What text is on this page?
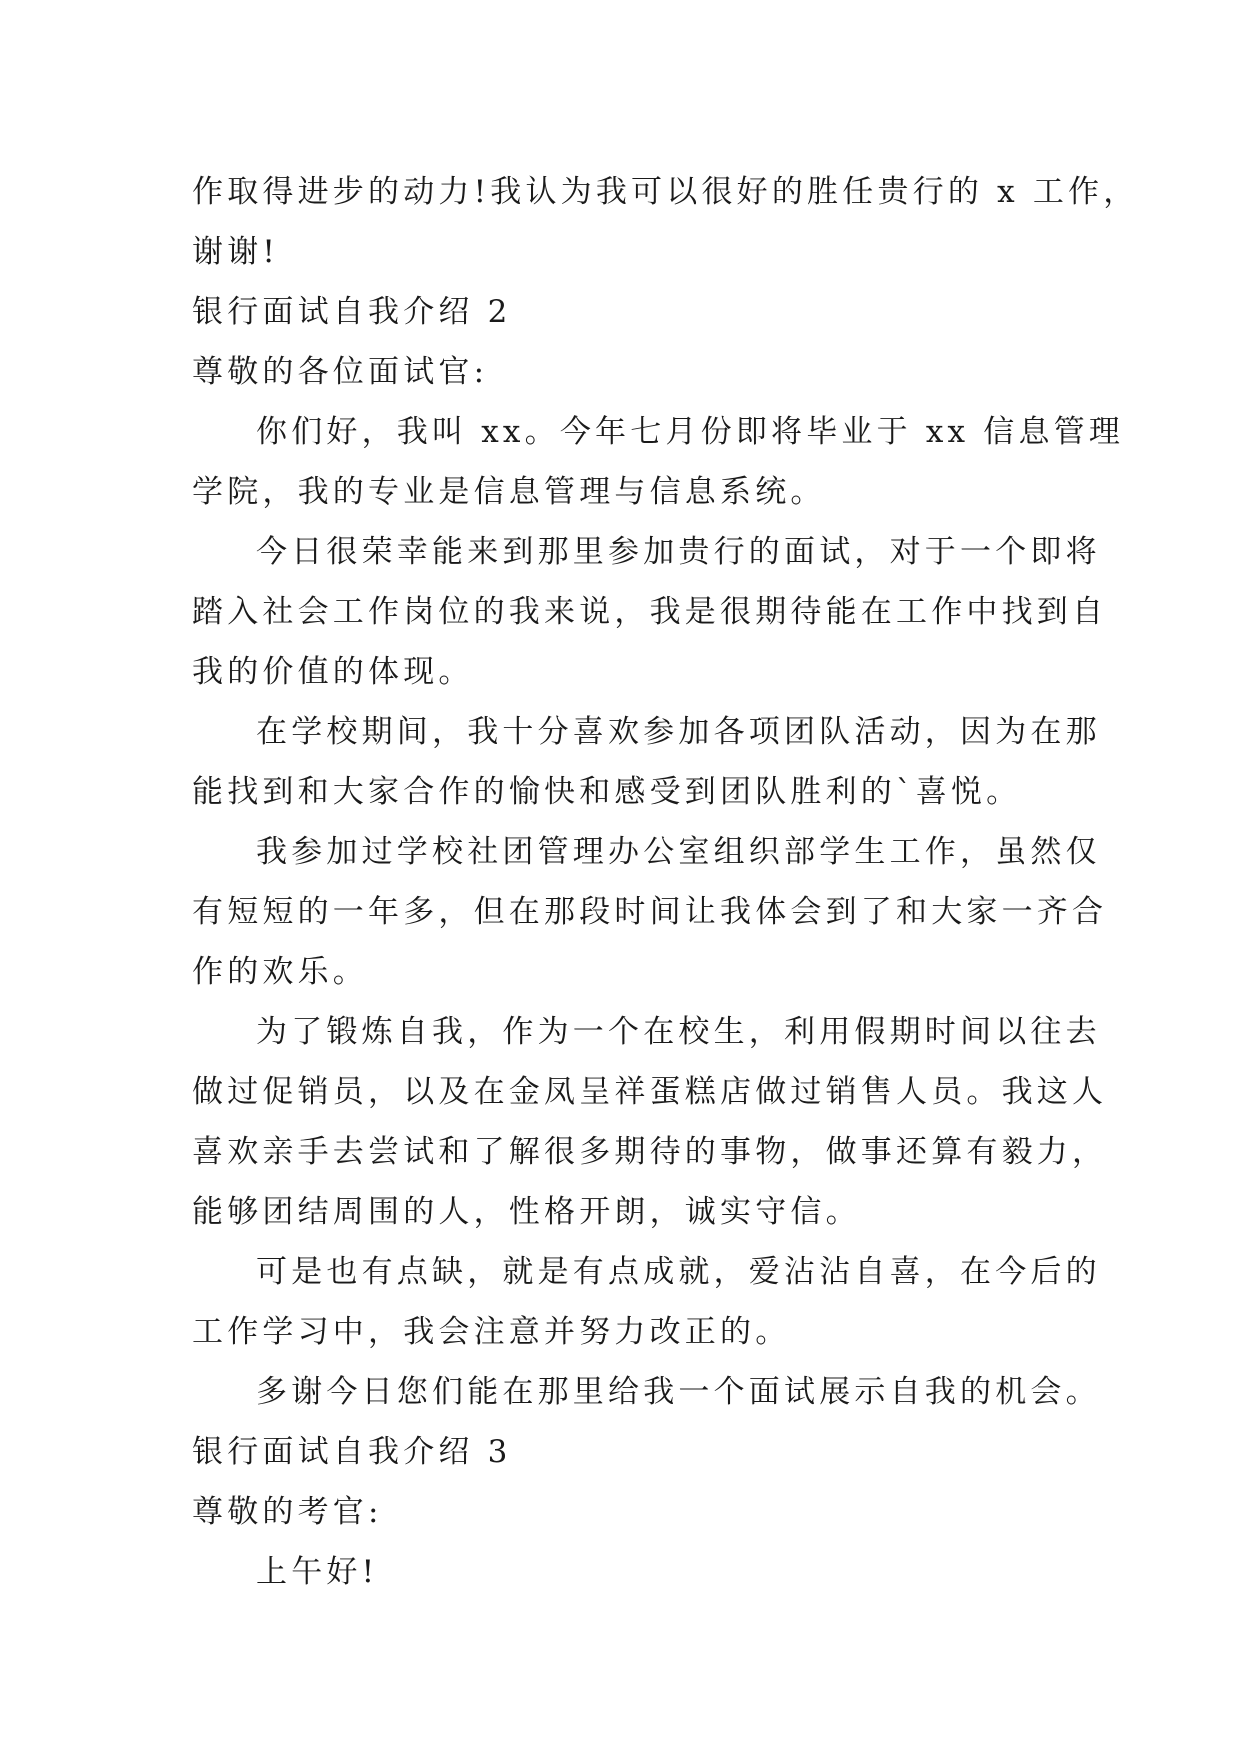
作取得进步的动力!我认为我可以很好的胜任贵行的 x 工作，
谢谢!
银行面试自我介绍 2
尊敬的各位面试官:
你们好，我叫 xx。今年七月份即将毕业于 xx 信息管理
学院，我的专业是信息管理与信息系统。
今日很荣幸能来到那里参加贵行的面试，对于一个即将
踏入社会工作岗位的我来说，我是很期待能在工作中找到自
我的价值的体现。
在学校期间，我十分喜欢参加各项团队活动，因为在那
能找到和大家合作的愉快和感受到团队胜利的`喜悦。
我参加过学校社团管理办公室组织部学生工作，虽然仅
有短短的一年多，但在那段时间让我体会到了和大家一齐合
作的欢乐。
为了锻炼自我，作为一个在校生，利用假期时间以往去
做过促销员，以及在金凤呈祥蛋糕店做过销售人员。我这人
喜欢亲手去尝试和了解很多期待的事物，做事还算有毅力，
能够团结周围的人，性格开朗，诚实守信。
可是也有点缺，就是有点成就，爱沾沾自喜，在今后的
工作学习中，我会注意并努力改正的。
多谢今日您们能在那里给我一个面试展示自我的机会。
银行面试自我介绍 3
尊敬的考官:
上午好!
